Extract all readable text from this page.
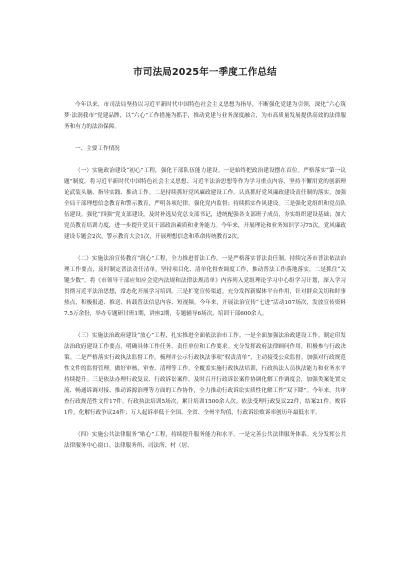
市司法局2025年一季度工作总结

今年以来，市司法局坚持以习近平新时代中国特色社会主义思想为指导，不断强化党建为引领，深化“六心筑梦·法润我市”党建品牌，以“六心”工作措施为抓手，推动党建与业务深度融合，为市高质量发展提供高效的法律服务和有力的法治保障。

一、主要工作情况

（一）实施政治建设“初心”工程，强化干部队伍能力建设。一是始终把政治建设摆在首位。严格落实“第一议题”制度，将习近平新时代中国特色社会主义思想、习近平法治思想等作为学习重点内容，坚持不懈用党的创新理论武装头脑、指导实践、推动工作。二是持续抓好党风廉政建设工作。认真抓好党风廉政建设责任制的落实，加强全局干部理想信念教育和警示教育，严明各项纪律，强化党内监督；持续抓实作风建设。三是强化党组织和党员队伍建设。强化“四强”党支部建设，及时补选局党总支部书记，进统配强各支部班子成员，夯实组织建设基础；加大党员教育培训力度，进一步提升党员干部政治素质和业务能力。今年来，开展理论和业务知识学习75次，党风廉政建设专题会2次，警示教育大会1次，开展理想信念和革命传统教育2次。

（二）实施法治宣传教育“润心”工程，全力推进普法工作。一是严格落实普法责任制。持续完善市普法依法治理工作要点，及时制定普法责任清单，坚持项目化、清单化督查调度工作，推动普法工作落地落实。二是抓住“关键少数”。将《市领导干部应知应会党内法规和法律法规清单》内容列入党组理论学习中心组学习计划，深入学习贯彻习近平法治思想，常态化开展学习培训。三是扩宽宣传渠道。充分发挥新媒体平台作用，针对群众关切和时事热点，积极报道、推送、转载普法信息内容、短视频。今年来，开展法治宣传“七进”活动107场次，发放宣传资料7.5万余份，举办专题研讨班1期，讲座2期，专题辅导6场次，培训干部600余人。

（三）实施法治政府建设“放心”工程，扎实推进全面依法治市工作。一是全面加强法治政建设工作。制定印发法治政府建设工作要点，明确具体工作任务、责任单位和工作要求。充分发挥政府法律顾问作用，积极参与行政决策。二是严格落实行政执法监督工作。梳理并公示行政执法事项“权责清单”，主动接受公众监督。加强对行政规范性文件的监督管理，做好审核、审查、清理等工作。全覆盖实施行政执法培训，行政执法人员执法能力和业务水平持续提升。三是依法办理行政复议、行政诉讼案件。及时召开行政诉讼案件协调化解工作调度会，加强类案处置交流、畅通诉调对接、推动诉源治理等方面的工作协作，全力推动行政诉讼实质性化解工作“双下降”。今年来，共审查行政规范性文件17件，行政执法培训5场次，累计培训1500余人次。依法受理行政复议22件，结案21件，败诉1件，化解行政争议24件；万人起诉率低于全国、全省、全州平均值，行政诉讼败诉率创历年最低水平。

（四）实施公共法律服务“贴心”工程，持续提升服务能力和水平。一是完善公共法律服务体系。充分发挥公共法律服务中心窗口、法律服务所、司法所、村（居、
